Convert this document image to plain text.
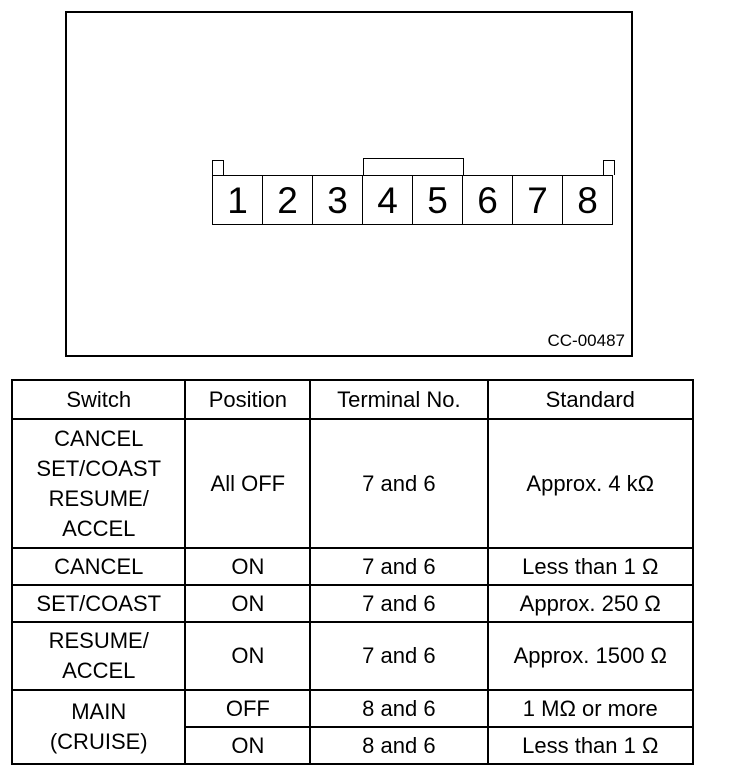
1 2 3 4 5 6 7 8
CC-00487
Switch	Position	Terminal No.	Standard

CANCEL
SET/COAST
RESUME/
ACCEL	All OFF	7 and 6	Approx. 4 kΩ
CANCEL	ON	7 and 6	Less than 1 Ω
SET/COAST	ON	7 and 6	Approx. 250 Ω

RESUME/
ACCEL	ON	7 and 6	Approx. 1500 Ω

MAIN
(CRUISE)	OFF	8 and 6	1 MΩ or more
	ON	8 and 6	Less than 1 Ω
